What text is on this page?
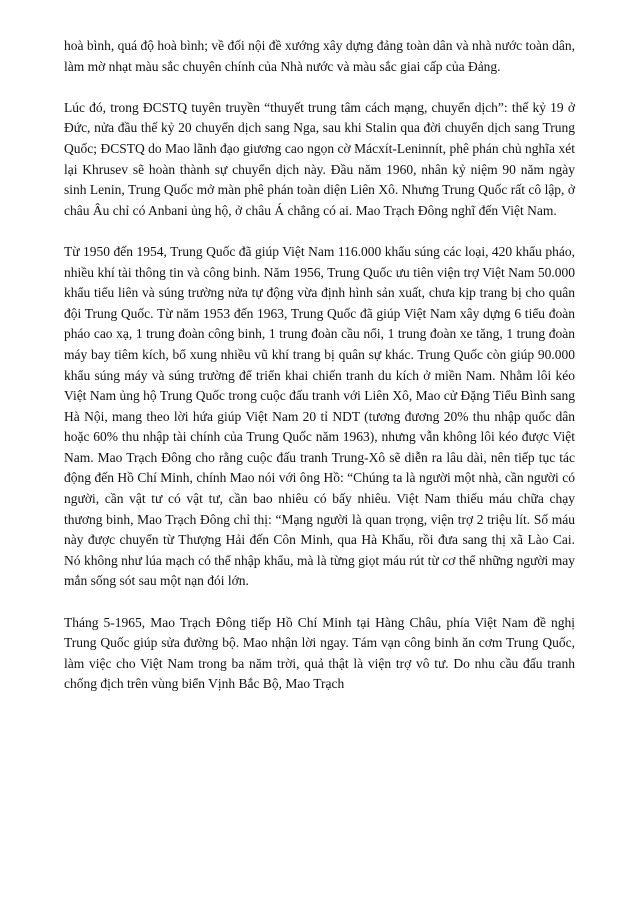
hoà bình, quá độ hoà bình; về đối nội đề xướng xây dựng đảng toàn dân và nhà nước toàn dân, làm mờ nhạt màu sắc chuyên chính của Nhà nước và màu sắc giai cấp của Đảng.

Lúc đó, trong ĐCSTQ tuyên truyền “thuyết trung tâm cách mạng, chuyển dịch”: thế kỷ 19 ở Đức, nửa đầu thế kỷ 20 chuyển dịch sang Nga, sau khi Stalin qua đời chuyển dịch sang Trung Quốc; ĐCSTQ do Mao lãnh đạo giương cao ngọn cờ Mácxít-Leninnít, phê phán chủ nghĩa xét lại Khrusev sẽ hoàn thành sự chuyển dịch này. Đầu năm 1960, nhân kỷ niệm 90 năm ngày sinh Lenin, Trung Quốc mở màn phê phán toàn diện Liên Xô. Nhưng Trung Quốc rất cô lập, ở châu Âu chỉ có Anbani ủng hộ, ở châu Á chẳng có ai. Mao Trạch Đông nghĩ đến Việt Nam.

Từ 1950 đến 1954, Trung Quốc đã giúp Việt Nam 116.000 khẩu súng các loại, 420 khẩu pháo, nhiều khí tài thông tin và công binh. Năm 1956, Trung Quốc ưu tiên viện trợ Việt Nam 50.000 khẩu tiểu liên và súng trường nửa tự động vừa định hình sản xuất, chưa kịp trang bị cho quân đội Trung Quốc. Từ năm 1953 đến 1963, Trung Quốc đã giúp Việt Nam xây dựng 6 tiểu đoàn pháo cao xạ, 1 trung đoàn công binh, 1 trung đoàn cầu nổi, 1 trung đoàn xe tăng, 1 trung đoàn máy bay tiêm kích, bổ xung nhiều vũ khí trang bị quân sự khác. Trung Quốc còn giúp 90.000 khẩu súng máy và súng trường để triển khai chiến tranh du kích ở miền Nam. Nhằm lôi kéo Việt Nam ủng hộ Trung Quốc trong cuộc đấu tranh với Liên Xô, Mao cử Đặng Tiểu Bình sang Hà Nội, mang theo lời hứa giúp Việt Nam 20 tỉ NDT (tương đương 20% thu nhập quốc dân hoặc 60% thu nhập tài chính của Trung Quốc năm 1963), nhưng vẫn không lôi kéo được Việt Nam. Mao Trạch Đông cho rằng cuộc đấu tranh Trung-Xô sẽ diễn ra lâu dài, nên tiếp tục tác động đến Hồ Chí Minh, chính Mao nói với ông Hồ: “Chúng ta là người một nhà, cần người có người, cần vật tư có vật tư, cần bao nhiêu có bấy nhiêu. Việt Nam thiếu máu chữa chạy thương binh, Mao Trạch Đông chỉ thị: “Mạng người là quan trọng, viện trợ 2 triệu lít. Số máu này được chuyển từ Thượng Hải đến Côn Minh, qua Hà Khẩu, rồi đưa sang thị xã Lào Cai. Nó không như lúa mạch có thể nhập khẩu, mà là từng giọt máu rút từ cơ thể những người may mắn sống sót sau một nạn đói lớn.

Tháng 5-1965, Mao Trạch Đông tiếp Hồ Chí Minh tại Hàng Châu, phía Việt Nam đề nghị Trung Quốc giúp sửa đường bộ. Mao nhận lời ngay. Tám vạn công binh ăn cơm Trung Quốc, làm việc cho Việt Nam trong ba năm trời, quả thật là viện trợ vô tư. Do nhu cầu đấu tranh chống địch trên vùng biển Vịnh Bắc Bộ, Mao Trạch
